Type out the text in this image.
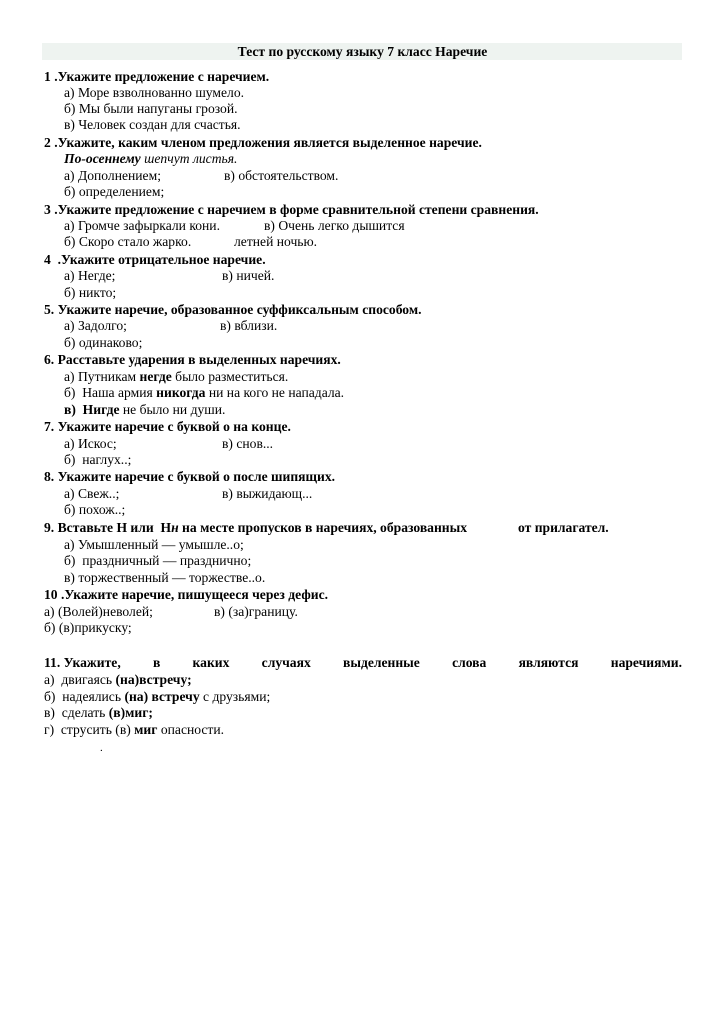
Тест по русскому языку 7 класс Наречие
1 .Укажите предложение с наречием.
а) Море взволнованно шумело.
б) Мы были напуганы грозой.
в) Человек создан для счастья.
2 .Укажите, каким членом предложения является выделенное наречие.
По-осеннему шепчут листья.
а) Дополнением;	в) обстоятельством.
б) определением;
3 .Укажите предложение с наречием в форме сравнительной степени сравнения.
а) Громче зафыркали кони.	в) Очень легко дышится
б) Скоро стало жарко.	летней ночью.
4  .Укажите отрицательное наречие.
а) Негде;	в) ничей.
б) никто;
5. Укажите наречие, образованное суффиксальным способом.
а) Задолго;	в) вблизи.
б) одинаково;
6. Расставьте ударения в выделенных наречиях.
а) Путникам негде было разместиться.
б)  Наша армия никогда ни на кого не нападала.
в)  Нигде не было ни души.
7. Укажите наречие с буквой о на конце.
а) Искос;	в) снов...
б)  наглух..;
8. Укажите наречие с буквой о после шипящих.
а) Свеж..;	в) выжидающ...
б) похож..;
9. Вставьте Н или  Нн на месте пропусков в наречиях, образованных	от прилагател.
а) Умышленный — умышле..о;
б)  праздничный — празднично;
в) торжественный — торжестве..о.
10 .Укажите наречие, пишущееся через дефис.
а) (Волей)неволей;	в) (за)границу.
б) (в)прикуску;
11. Укажите, в каких случаях выделенные слова являются наречиями.
а)  двигаясь (на)встречу;
б)  надеялись (на) встречу с друзьями;
в)  сделать (в)миг;
г)  струсить (в) миг опасности.
.
